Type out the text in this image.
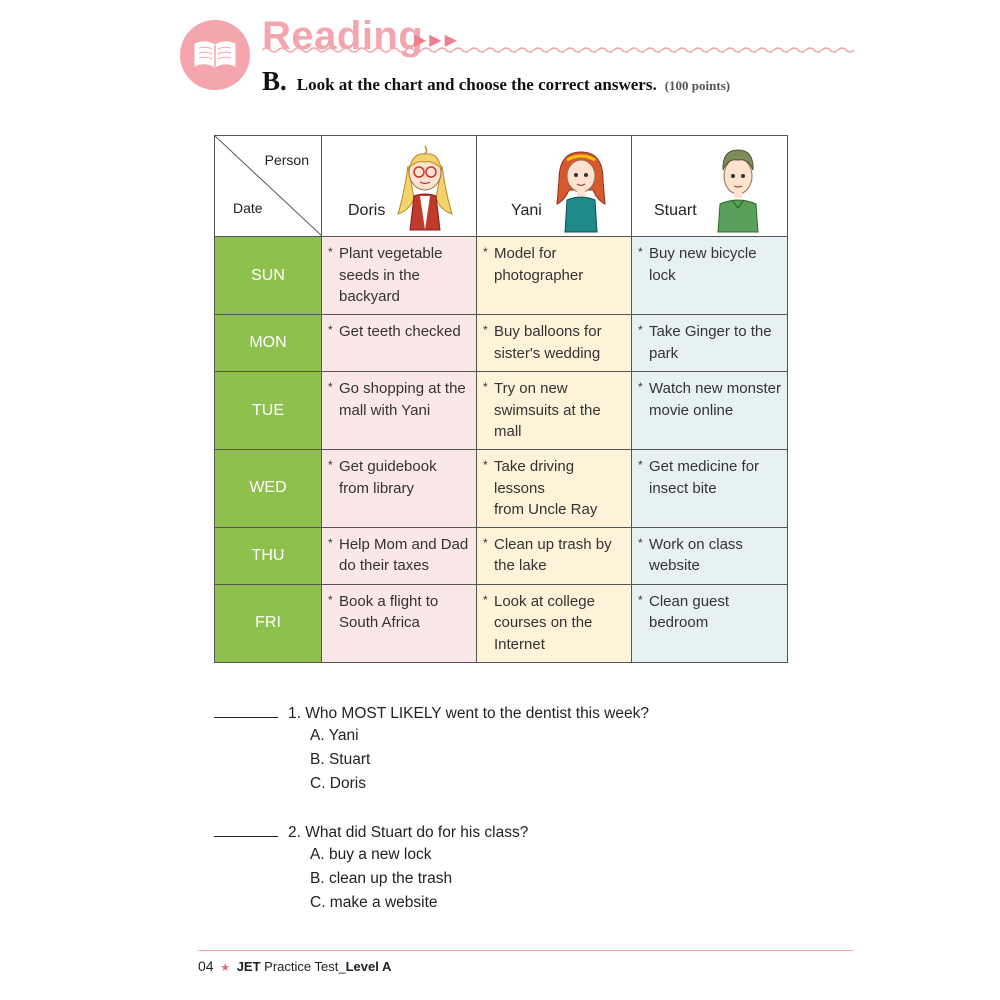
Reading
▶▶▶
B. Look at the chart and choose the correct answers. (100 points)
Person
Date	Doris	Yani	Stuart

SUN	* Plant vegetable
seeds in the
backyard	* Model for
photographer	* Buy new bicycle
lock

MON	* Get teeth checked	* Buy balloons for
sister's wedding	* Take Ginger to the
park

TUE	* Go shopping at the
mall with Yani	* Try on new
swimsuits at the
mall	* Watch new monster
movie online

WED	* Get guidebook
from library	* Take driving lessons
from Uncle Ray	* Get medicine for
insect bite

THU	* Help Mom and Dad
do their taxes	* Clean up trash by
the lake	* Work on class
website

FRI	* Book a flight to
South Africa	* Look at college
courses on the
Internet	* Clean guest
bedroom
1. Who MOST LIKELY went to the dentist this week?
A. Yani
B. Stuart
C. Doris
2. What did Stuart do for his class?
A. buy a new lock
B. clean up the trash
C. make a website
04 ★ JET Practice Test_Level A
